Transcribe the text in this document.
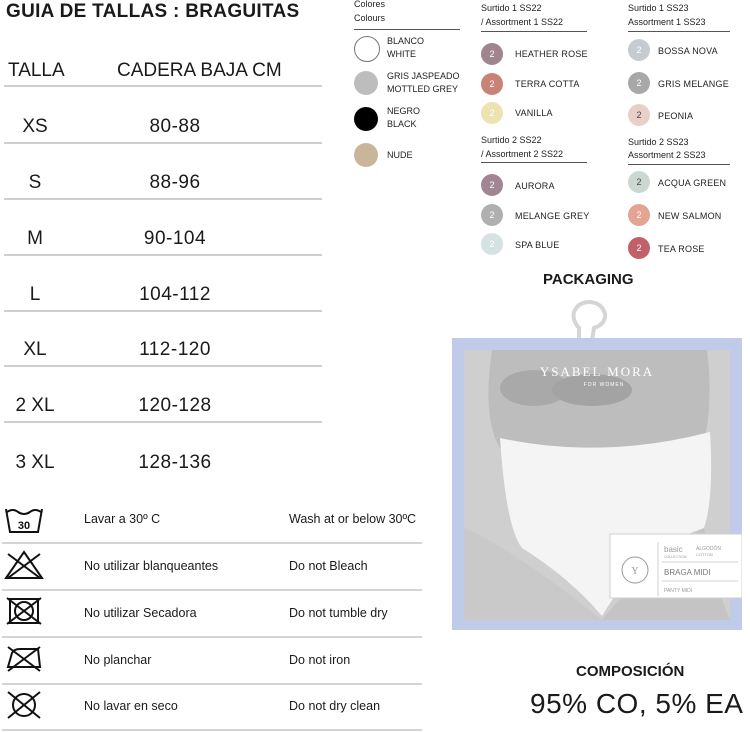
GUIA DE TALLAS : BRAGUITAS
TALLA	CADERA BAJA CM
XS	80-88
S	88-96
M	90-104
L	104-112
XL	112-120
2 XL	120-128
3 XL	128-136
30	Lavar a 30º C	Wash at or below 30ºC
No utilizar blanqueantes	Do not Bleach
No utilizar Secadora	Do not tumble dry
No planchar	Do not iron
No lavar en seco	Do not dry clean
Colores
Colours
BLANCO
WHITE
GRIS JASPEADO
MOTTLED GREY
NEGRO
BLACK
NUDE
Surtido 1 SS22
/ Assortment 1 SS22
2	HEATHER ROSE
2	TERRA COTTA
2	VANILLA
Surtido 2 SS22
/ Assortment 2 SS22
2	AURORA
2	MELANGE GREY
2	SPA BLUE
Surtido 1 SS23
Assortment 1 SS23
2	BOSSA NOVA
2	GRIS MELANGE
2	PEONIA
Surtido 2 SS23
Assortment 2 SS23
2	ACQUA GREEN
2	NEW SALMON
2	TEA ROSE
PACKAGING
YSABEL MORA
FOR WOMEN
Y
basic
COLLECTION
ALGODÓN
COTTON
BRAGA MIDI
PANTY MIDI
COMPOSICIÓN
95% CO, 5% EA
